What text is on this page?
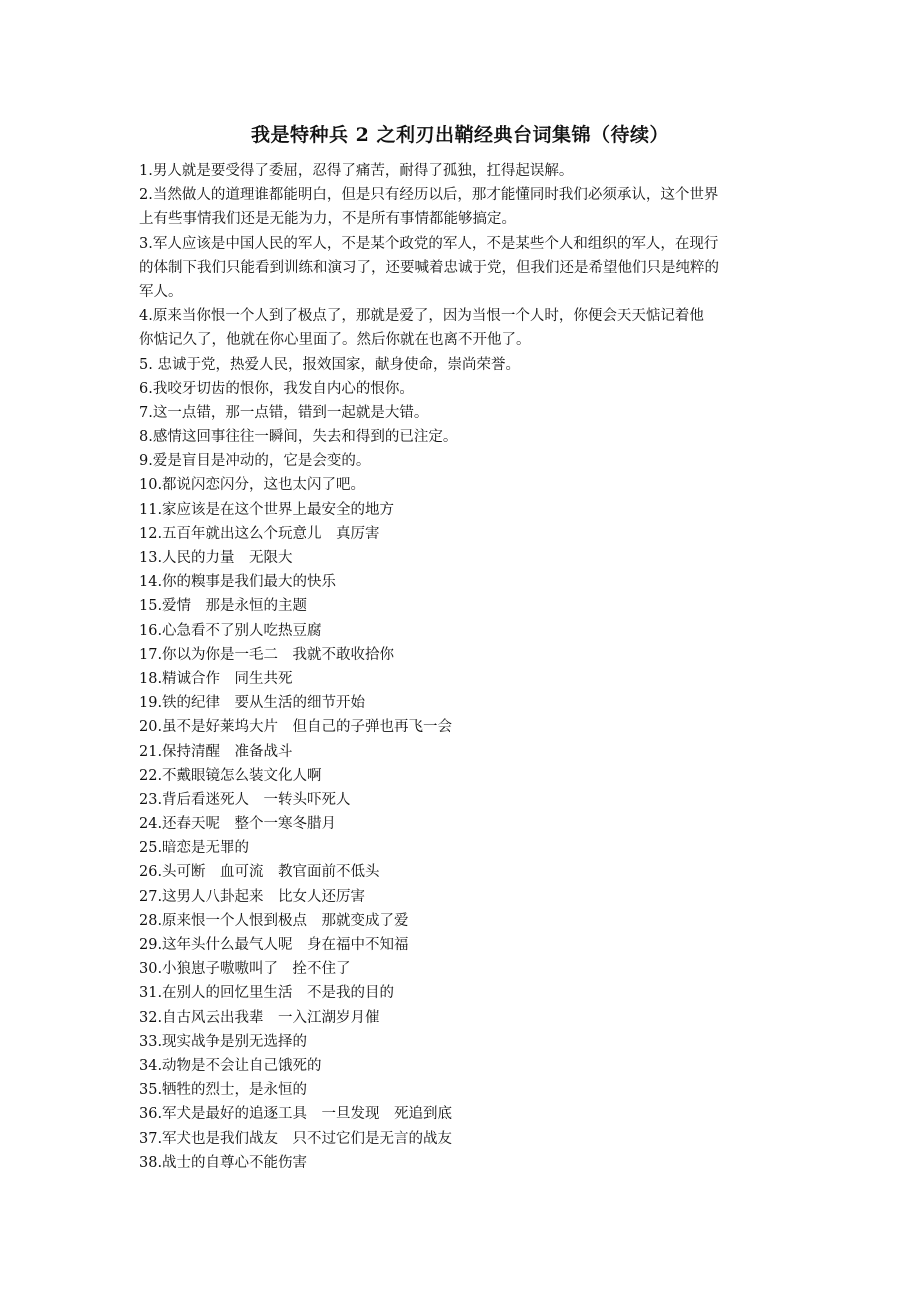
我是特种兵 2 之利刃出鞘经典台词集锦（待续）
1.男人就是要受得了委屈，忍得了痛苦，耐得了孤独，扛得起误解。
2.当然做人的道理谁都能明白，但是只有经历以后，那才能懂同时我们必须承认，这个世界
上有些事情我们还是无能为力，不是所有事情都能够搞定。
3.军人应该是中国人民的军人，不是某个政党的军人，不是某些个人和组织的军人，在现行
的体制下我们只能看到训练和演习了，还要喊着忠诚于党，但我们还是希望他们只是纯粹的
军人。
4.原来当你恨一个人到了极点了，那就是爱了，因为当恨一个人时，你便会天天惦记着他
你惦记久了，他就在你心里面了。然后你就在也离不开他了。
5. 忠诚于党，热爱人民，报效国家，献身使命，崇尚荣誉。
6.我咬牙切齿的恨你，我发自内心的恨你。
7.这一点错，那一点错，错到一起就是大错。
8.感情这回事往往一瞬间，失去和得到的已注定。
9.爱是盲目是冲动的，它是会变的。
10.都说闪恋闪分，这也太闪了吧。
11.家应该是在这个世界上最安全的地方
12.五百年就出这么个玩意儿　真厉害
13.人民的力量　无限大
14.你的糗事是我们最大的快乐
15.爱情　那是永恒的主题
16.心急看不了别人吃热豆腐
17.你以为你是一毛二　我就不敢收拾你
18.精诚合作　同生共死
19.铁的纪律　要从生活的细节开始
20.虽不是好莱坞大片　但自己的子弹也再飞一会
21.保持清醒　准备战斗
22.不戴眼镜怎么装文化人啊
23.背后看迷死人　一转头吓死人
24.还春天呢　整个一寒冬腊月
25.暗恋是无罪的
26.头可断　血可流　教官面前不低头
27.这男人八卦起来　比女人还厉害
28.原来恨一个人恨到极点　那就变成了爱
29.这年头什么最气人呢　身在福中不知福
30.小狼崽子嗷嗷叫了　拴不住了
31.在别人的回忆里生活　不是我的目的
32.自古风云出我辈　一入江湖岁月催
33.现实战争是别无选择的
34.动物是不会让自己饿死的
35.牺牲的烈士，是永恒的
36.军犬是最好的追逐工具　一旦发现　死追到底
37.军犬也是我们战友　只不过它们是无言的战友
38.战士的自尊心不能伤害
